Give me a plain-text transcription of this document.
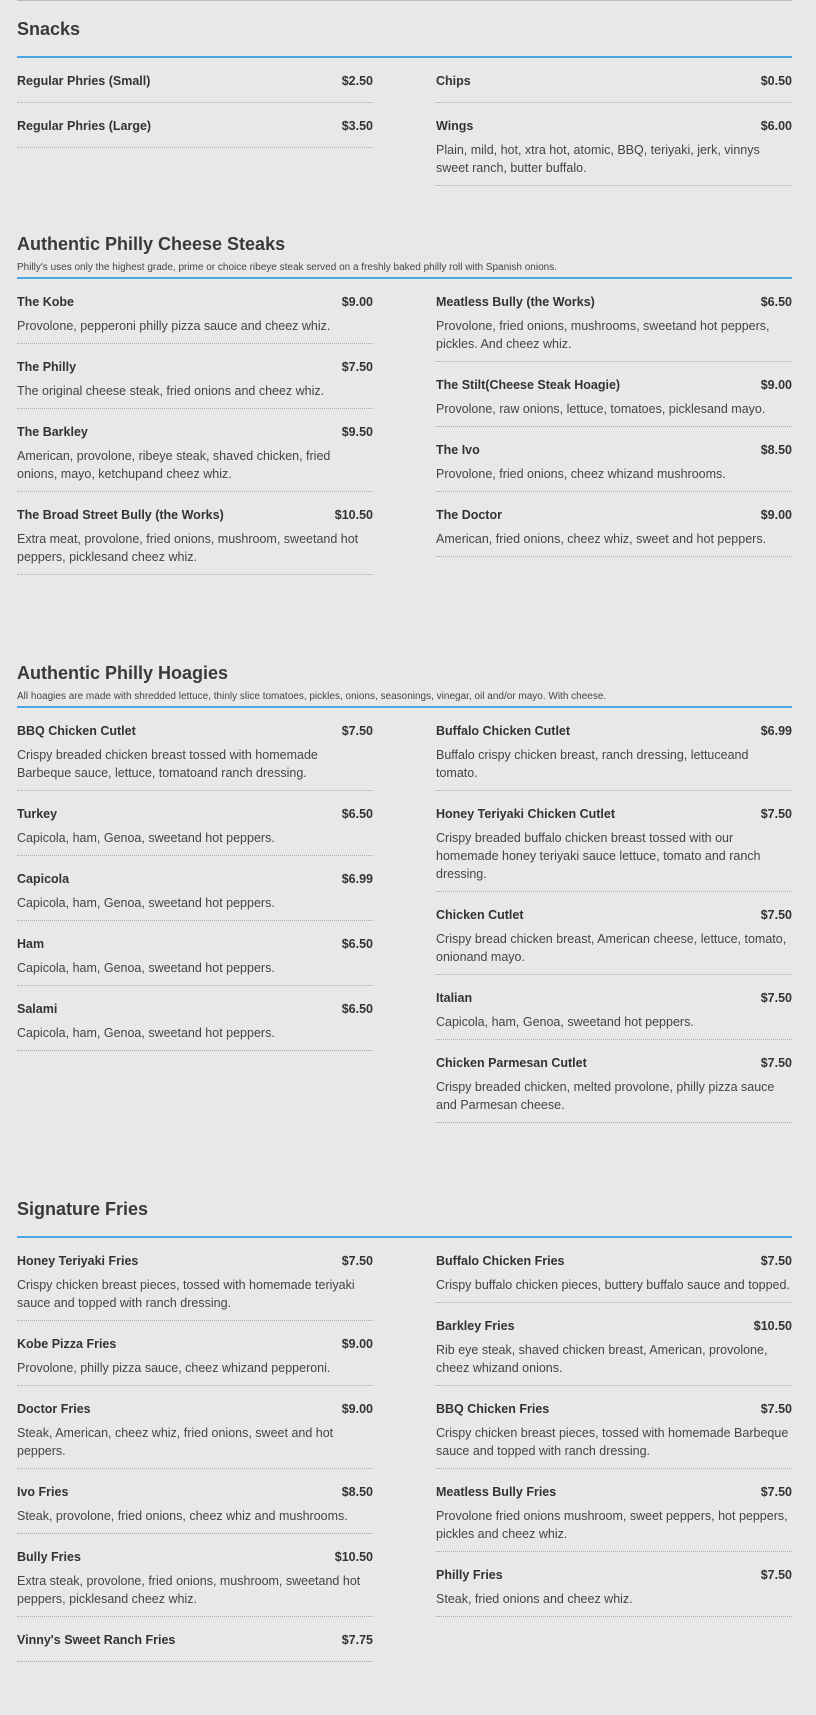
Snacks
Regular Phries (Small)	$2.50
Regular Phries (Large)	$3.50
Chips	$0.50
Wings	$6.00
Plain, mild, hot, xtra hot, atomic, BBQ, teriyaki, jerk, vinnys sweet ranch, butter buffalo.
Authentic Philly Cheese Steaks
Philly's uses only the highest grade, prime or choice ribeye steak served on a freshly baked philly roll with Spanish onions.
The Kobe	$9.00
Provolone, pepperoni philly pizza sauce and cheez whiz.
The Philly	$7.50
The original cheese steak, fried onions and cheez whiz.
The Barkley	$9.50
American, provolone, ribeye steak, shaved chicken, fried onions, mayo, ketchupand cheez whiz.
The Broad Street Bully (the Works)	$10.50
Extra meat, provolone, fried onions, mushroom, sweetand hot peppers, picklesand cheez whiz.
Meatless Bully (the Works)	$6.50
Provolone, fried onions, mushrooms, sweetand hot peppers, pickles. And cheez whiz.
The Stilt(Cheese Steak Hoagie)	$9.00
Provolone, raw onions, lettuce, tomatoes, picklesand mayo.
The Ivo	$8.50
Provolone, fried onions, cheez whizand mushrooms.
The Doctor	$9.00
American, fried onions, cheez whiz, sweet and hot peppers.
Authentic Philly Hoagies
All hoagies are made with shredded lettuce, thinly slice tomatoes, pickles, onions, seasonings, vinegar, oil and/or mayo. With cheese.
BBQ Chicken Cutlet	$7.50
Crispy breaded chicken breast tossed with homemade Barbeque sauce, lettuce, tomatoand ranch dressing.
Turkey	$6.50
Capicola, ham, Genoa, sweetand hot peppers.
Capicola	$6.99
Capicola, ham, Genoa, sweetand hot peppers.
Ham	$6.50
Capicola, ham, Genoa, sweetand hot peppers.
Salami	$6.50
Capicola, ham, Genoa, sweetand hot peppers.
Buffalo Chicken Cutlet	$6.99
Buffalo crispy chicken breast, ranch dressing, lettuceand tomato.
Honey Teriyaki Chicken Cutlet	$7.50
Crispy breaded buffalo chicken breast tossed with our homemade honey teriyaki sauce lettuce, tomato and ranch dressing.
Chicken Cutlet	$7.50
Crispy bread chicken breast, American cheese, lettuce, tomato, onionand mayo.
Italian	$7.50
Capicola, ham, Genoa, sweetand hot peppers.
Chicken Parmesan Cutlet	$7.50
Crispy breaded chicken, melted provolone, philly pizza sauce and Parmesan cheese.
Signature Fries
Honey Teriyaki Fries	$7.50
Crispy chicken breast pieces, tossed with homemade teriyaki sauce and topped with ranch dressing.
Kobe Pizza Fries	$9.00
Provolone, philly pizza sauce, cheez whizand pepperoni.
Doctor Fries	$9.00
Steak, American, cheez whiz, fried onions, sweet and hot peppers.
Ivo Fries	$8.50
Steak, provolone, fried onions, cheez whiz and mushrooms.
Bully Fries	$10.50
Extra steak, provolone, fried onions, mushroom, sweetand hot peppers, picklesand cheez whiz.
Vinny's Sweet Ranch Fries	$7.75
Buffalo Chicken Fries	$7.50
Crispy buffalo chicken pieces, buttery buffalo sauce and topped.
Barkley Fries	$10.50
Rib eye steak, shaved chicken breast, American, provolone, cheez whizand onions.
BBQ Chicken Fries	$7.50
Crispy chicken breast pieces, tossed with homemade Barbeque sauce and topped with ranch dressing.
Meatless Bully Fries	$7.50
Provolone fried onions mushroom, sweet peppers, hot peppers, pickles and cheez whiz.
Philly Fries	$7.50
Steak, fried onions and cheez whiz.
